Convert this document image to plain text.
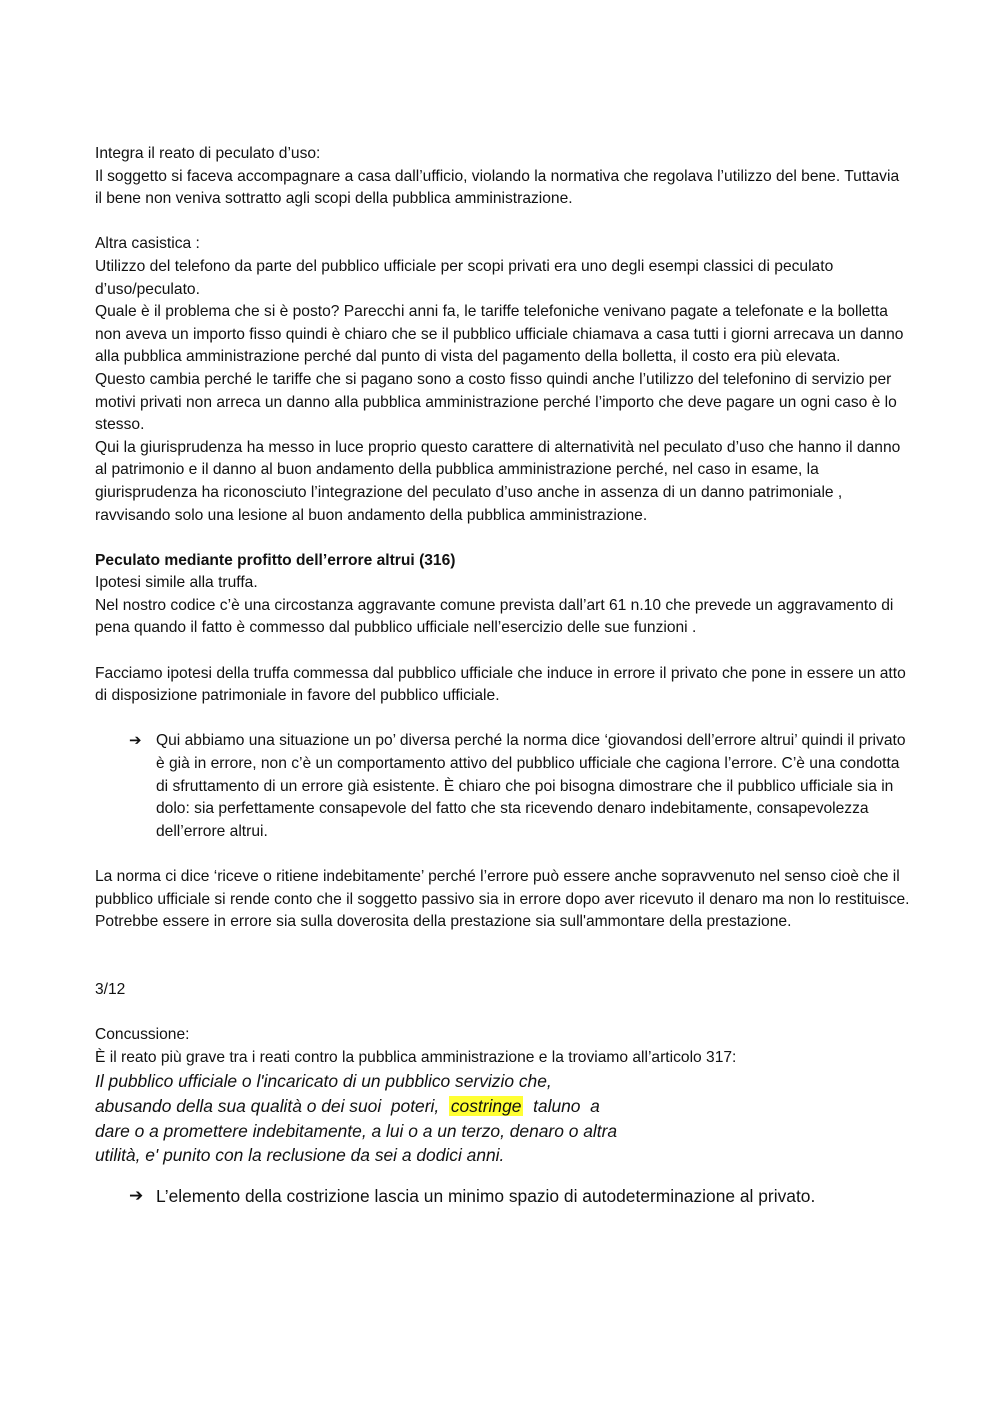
Integra il reato di peculato d’uso:

Il soggetto si faceva accompagnare a casa dall’ufficio, violando la normativa che regolava l’utilizzo del bene. Tuttavia il bene non veniva sottratto agli scopi della pubblica amministrazione.

Altra casistica :

Utilizzo del telefono da parte del pubblico ufficiale per scopi privati era uno degli esempi classici di peculato d’uso/peculato.

Quale è il problema che si è posto? Parecchi anni fa, le tariffe telefoniche venivano pagate a telefonate e la bolletta non aveva un importo fisso quindi è chiaro che se il pubblico ufficiale chiamava a casa tutti i giorni arrecava un danno alla pubblica amministrazione perché dal punto di vista del pagamento della bolletta, il costo era più elevata.

Questo cambia perché le tariffe che si pagano sono a costo fisso quindi anche l’utilizzo del telefonino di servizio per motivi privati non arreca un danno alla pubblica amministrazione perché l’importo che deve pagare un ogni caso è lo stesso.

Qui la giurisprudenza ha messo in luce proprio questo carattere di alternatività nel peculato d’uso che hanno il danno al patrimonio e il danno al buon andamento della pubblica amministrazione perché, nel caso in esame, la giurisprudenza ha riconosciuto l’integrazione del peculato d’uso anche in assenza di un danno patrimoniale , ravvisando solo una lesione al buon andamento della pubblica amministrazione.

Peculato mediante profitto dell’errore altrui (316)

Ipotesi simile alla truffa.

Nel nostro codice c’è una circostanza aggravante comune prevista dall’art 61 n.10 che prevede un aggravamento di pena quando il fatto è commesso dal pubblico ufficiale nell’esercizio delle sue funzioni .

Facciamo ipotesi della truffa commessa dal pubblico ufficiale che induce in errore il privato che pone in essere un atto di disposizione patrimoniale in favore del pubblico ufficiale.

➔ Qui abbiamo una situazione un po’ diversa perché la norma dice ‘giovandosi dell’errore altrui’ quindi il privato è già in errore, non c’è un comportamento attivo del pubblico ufficiale che cagiona l’errore. C’è una condotta di sfruttamento di un errore già esistente. È chiaro che poi bisogna dimostrare che il pubblico ufficiale sia in dolo: sia perfettamente consapevole del fatto che sta ricevendo denaro indebitamente, consapevolezza dell’errore altrui.

La norma ci dice ‘riceve o ritiene indebitamente’ perché l’errore può essere anche sopravvenuto nel senso cioè che il pubblico ufficiale si rende conto che il soggetto passivo sia in errore dopo aver ricevuto il denaro ma non lo restituisce.

Potrebbe essere in errore sia sulla doverosita della prestazione sia sull'ammontare della prestazione.

3/12

Concussione:

È il reato più grave tra i reati contro la pubblica amministrazione e la troviamo all’articolo 317:

Il pubblico ufficiale o l'incaricato di un pubblico servizio che,

abusando della sua qualità o dei suoi  poteri,  costringe  taluno  a

dare o a promettere indebitamente, a lui o a un terzo, denaro o altra

utilità, e' punito con la reclusione da sei a dodici anni.

➔ L’elemento della costrizione lascia un minimo spazio di autodeterminazione al privato.
